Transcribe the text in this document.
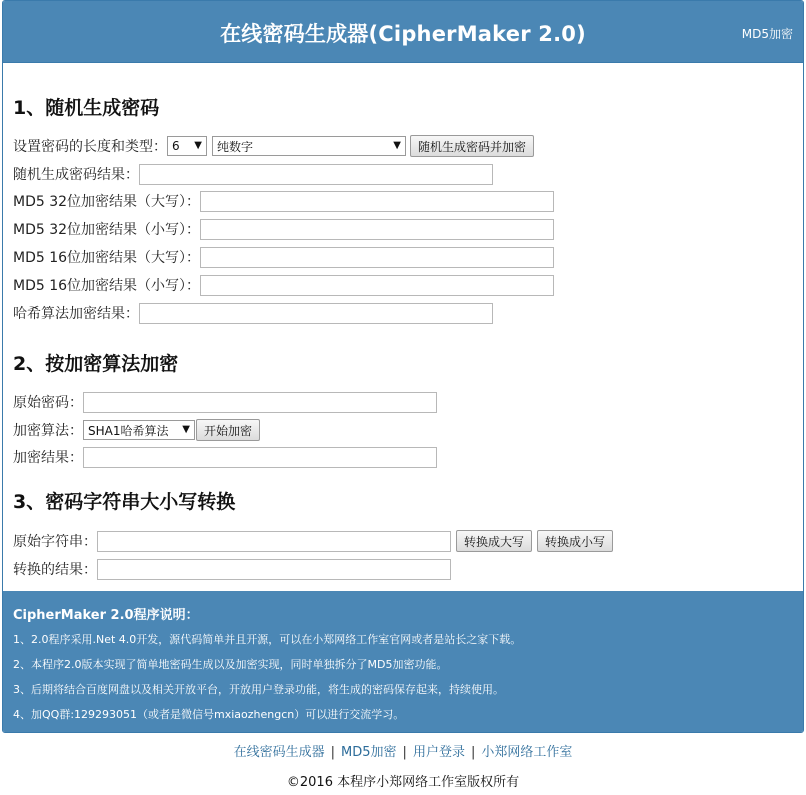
在线密码生成器(CipherMaker 2.0)	MD5加密
1、随机生成密码
设置密码的长度和类型： 6 ▼ 纯数字	▼	随机生成密码并加密
随机生成密码结果：
MD5 32位加密结果（大写）：
MD5 32位加密结果（小写）：
MD5 16位加密结果（大写）：
MD5 16位加密结果（小写）：
哈希算法加密结果：
2、按加密算法加密
原始密码：
加密算法： SHA1哈希算法 ▼	开始加密
加密结果：
3、密码字符串大小写转换
原始字符串：	转换成大写	转换成小写
转换的结果：
CipherMaker 2.0程序说明：
1、2.0程序采用.Net 4.0开发，源代码简单并且开源，可以在小郑网络工作室官网或者是站长之家下载。
2、本程序2.0版本实现了简单地密码生成以及加密实现，同时单独拆分了MD5加密功能。
3、后期将结合百度网盘以及相关开放平台，开放用户登录功能，将生成的密码保存起来，持续使用。
4、加QQ群:129293051（或者是微信号mxiaozhengcn）可以进行交流学习。
在线密码生成器 | MD5加密 | 用户登录 | 小郑网络工作室
©2016 本程序小郑网络工作室版权所有
